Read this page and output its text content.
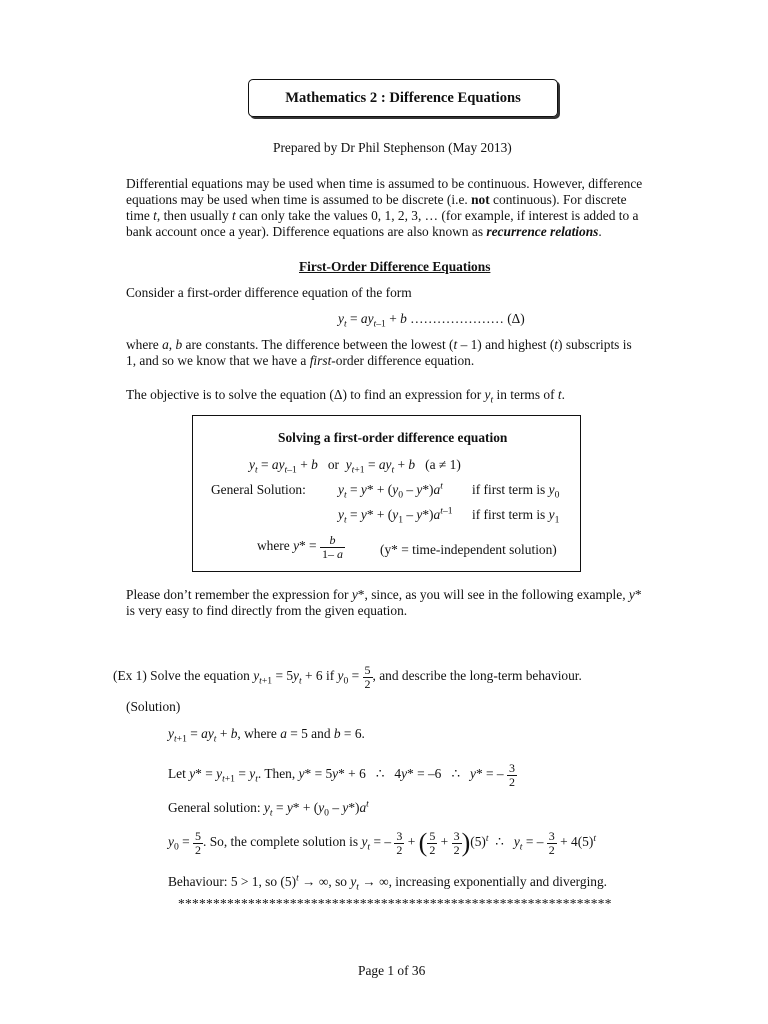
Mathematics 2 : Difference Equations
Prepared by Dr Phil Stephenson (May 2013)
Differential equations may be used when time is assumed to be continuous. However, difference
equations may be used when time is assumed to be discrete (i.e. not continuous). For discrete
time t, then usually t can only take the values 0, 1, 2, 3, … (for example, if interest is added to a
bank account once a year). Difference equations are also known as recurrence relations.
First-Order Difference Equations
Consider a first-order difference equation of the form
$y_t = ay_{t-1} + b$ ………………… (Δ)
where a, b are constants. The difference between the lowest (t – 1) and highest (t) subscripts is
1, and so we know that we have a first-order difference equation.
The objective is to solve the equation (Δ) to find an expression for $y_t$ in terms of t.
Solving a first-order difference equation
$y_t = ay_{t-1} + b$ or $y_{t+1} = ay_t + b$ (a ≠ 1)
General Solution: $y_t = y* + (y_0 - y*)a^t$ if first term is $y_0$
$y_t = y* + (y_1 - y*)a^{t-1}$ if first term is $y_1$
where $y* = \frac{b}{1- a}$	(y* = time-independent solution)
Please don’t remember the expression for y*, since, as you will see in the following example, y*
is very easy to find directly from the given equation.
(Ex 1) Solve the equation $y_{t+1} = 5y_t + 6$ if $y_0 = \frac{5}{2}$ , and describe the long-term behaviour.
(Solution)
$y_{t+1} = ay_t + b$, where a = 5 and b = 6.
Let $y* = y_{t+1} = y_t$. Then, y* = 5y* + 6   ∴   4y* = –6   ∴ y* = – $\frac{3}{2}$
General solution: $y_t = y* + (y_0 - y*)a^t$
$y_0 = \frac{5}{2}$ . So, the complete solution is $y_t$ = – $\frac{3}{2}$ + ( $\frac{5}{2} + \frac{3}{2} )(5)^t$ ∴ $y_t$ = – $\frac{3}{2} + 4(5)^t$
Behaviour: 5 > 1, so $(5)^t$ → ∞, so $y_t$ → ∞, increasing exponentially and diverging.
**************************************************************
Page 1 of 36
